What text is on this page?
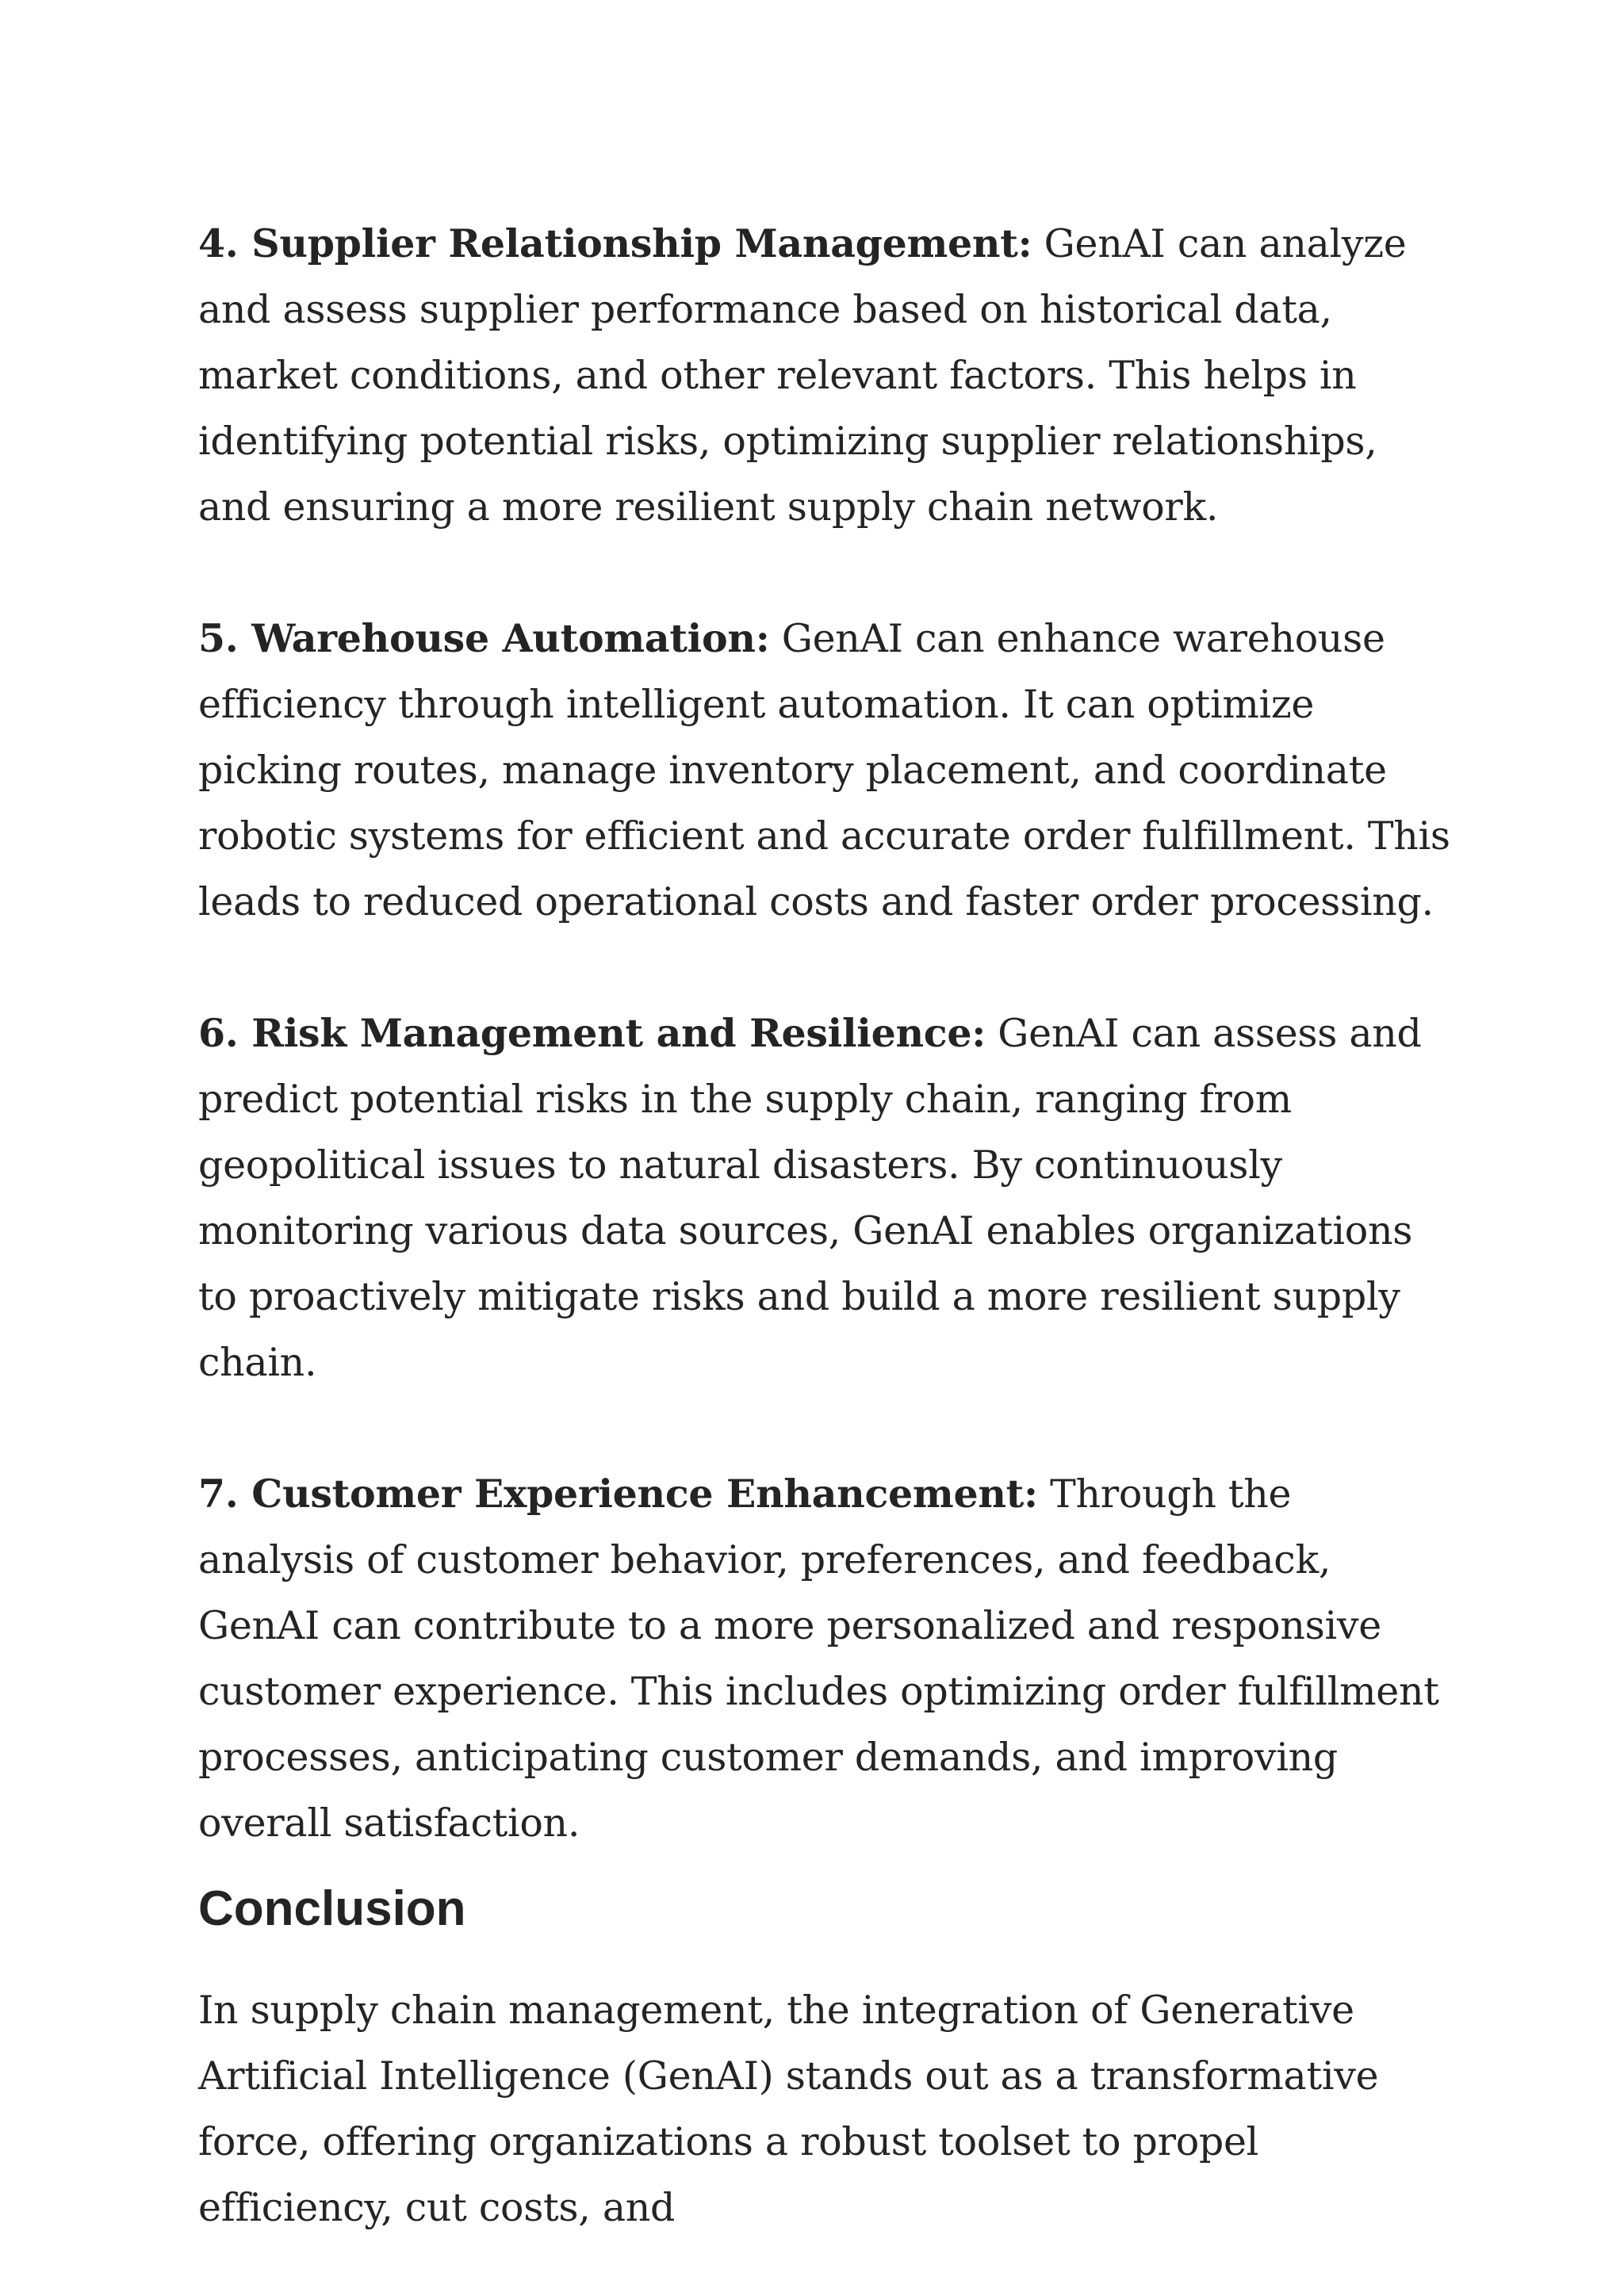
4. Supplier Relationship Management: GenAI can analyze and assess supplier performance based on historical data, market conditions, and other relevant factors. This helps in identifying potential risks, optimizing supplier relationships, and ensuring a more resilient supply chain network.

5. Warehouse Automation: GenAI can enhance warehouse efficiency through intelligent automation. It can optimize picking routes, manage inventory placement, and coordinate robotic systems for efficient and accurate order fulfillment. This leads to reduced operational costs and faster order processing.

6. Risk Management and Resilience: GenAI can assess and predict potential risks in the supply chain, ranging from geopolitical issues to natural disasters. By continuously monitoring various data sources, GenAI enables organizations to proactively mitigate risks and build a more resilient supply chain.

7. Customer Experience Enhancement: Through the analysis of customer behavior, preferences, and feedback, GenAI can contribute to a more personalized and responsive customer experience. This includes optimizing order fulfillment processes, anticipating customer demands, and improving overall satisfaction.

Conclusion

In supply chain management, the integration of Generative Artificial Intelligence (GenAI) stands out as a transformative force, offering organizations a robust toolset to propel efficiency, cut costs, and
